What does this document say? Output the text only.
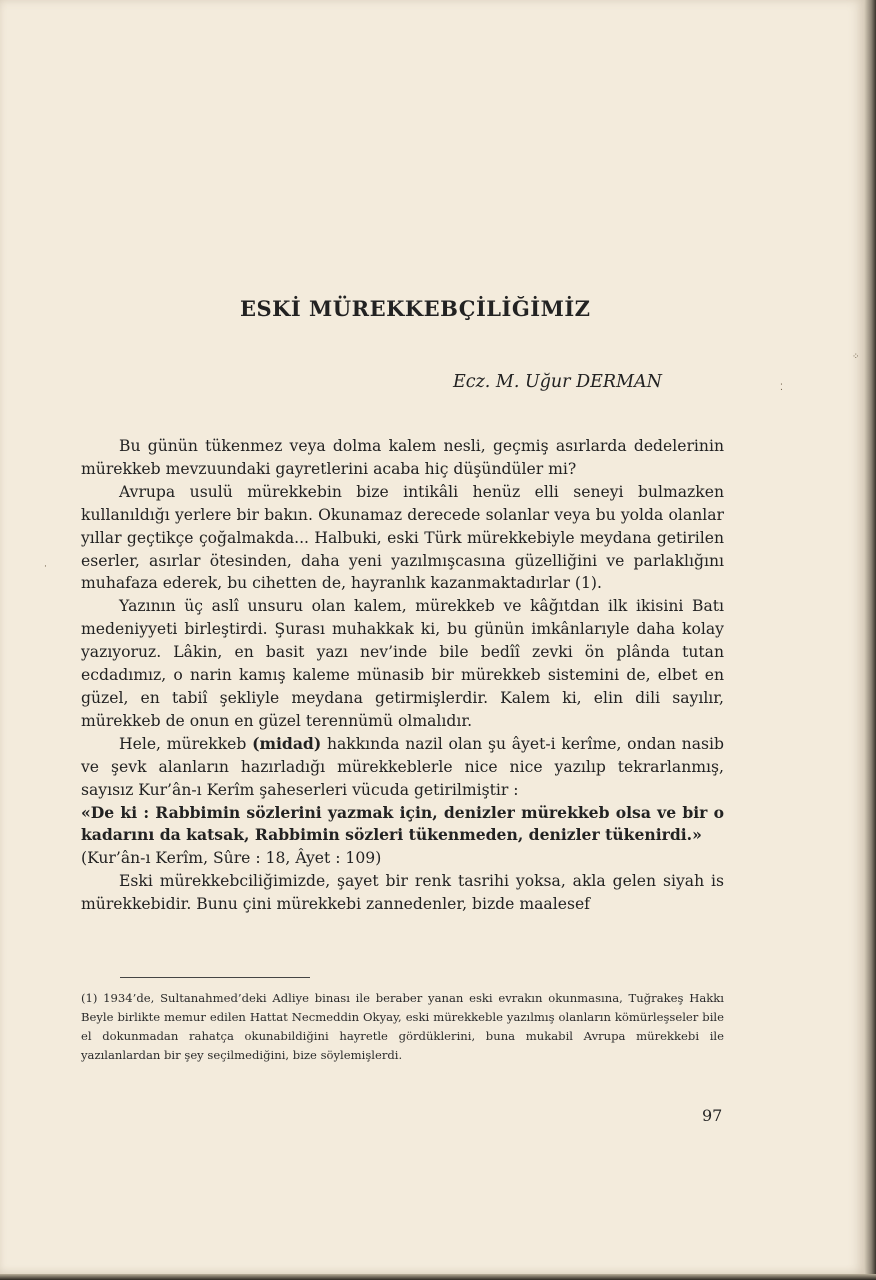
ESKİ MÜREKKEBÇİLİĞİMİZ
Ecz. M. Uğur DERMAN

Bu günün tükenmez veya dolma kalem nesli, geçmiş asırlarda dedelerinin mürekkeb mevzuundaki gayretlerini acaba hiç düşündüler mi?

Avrupa usulü mürekkebin bize intikâli henüz elli seneyi bulmazken kullanıldığı yerlere bir bakın. Okunamaz derecede solanlar veya bu yolda olanlar yıllar geçtikçe çoğalmakda... Halbuki, eski Türk mürekkebiyle meydana getirilen eserler, asırlar ötesinden, daha yeni yazılmışcasına güzelliğini ve parlaklığını muhafaza ederek, bu cihetten de, hayranlık kazanmaktadırlar (1).

Yazının üç aslî unsuru olan kalem, mürekkeb ve kâğıtdan ilk ikisini Batı medeniyyeti birleştirdi. Şurası muhakkak ki, bu günün imkânlarıyle daha kolay yazıyoruz. Lâkin, en basit yazı nev’inde bile bedîî zevki ön plânda tutan ecdadımız, o narin kamış kaleme münasib bir mürekkeb sistemini de, elbet en güzel, en tabiî şekliyle meydana getirmişlerdir. Kalem ki, elin dili sayılır, mürekkeb de onun en güzel terennümü olmalıdır.

Hele, mürekkeb (midad) hakkında nazil olan şu âyet-i kerîme, ondan nasib ve şevk alanların hazırladığı mürekkeblerle nice nice yazılıp tekrarlanmış, sayısız Kur’ân-ı Kerîm şaheserleri vücuda getirilmiştir :

«De ki : Rabbimin sözlerini yazmak için, denizler mürekkeb olsa ve bir o kadarını da katsak, Rabbimin sözleri tükenmeden, denizler tükenirdi.»
(Kur’ân-ı Kerîm, Sûre : 18, Âyet : 109)

Eski mürekkebciliğimizde, şayet bir renk tasrihi yoksa, akla gelen siyah is mürekkebidir. Bunu çini mürekkebi zannedenler, bizde maalesef

(1) 1934’de, Sultanahmed’deki Adliye binası ile beraber yanan eski evrakın okunmasına, Tuğrakeş Hakkı Beyle birlikte memur edilen Hattat Necmeddin Okyay, eski mürekkeble yazılmış olanların kömürleşseler bile el dokunmadan rahatça okunabildiğini hayretle gördüklerini, buna mukabil Avrupa mürekkebi ile yazılanlardan bir şey seçilmediğini, bize söylemişlerdi.
97
⁘
⁚
·
